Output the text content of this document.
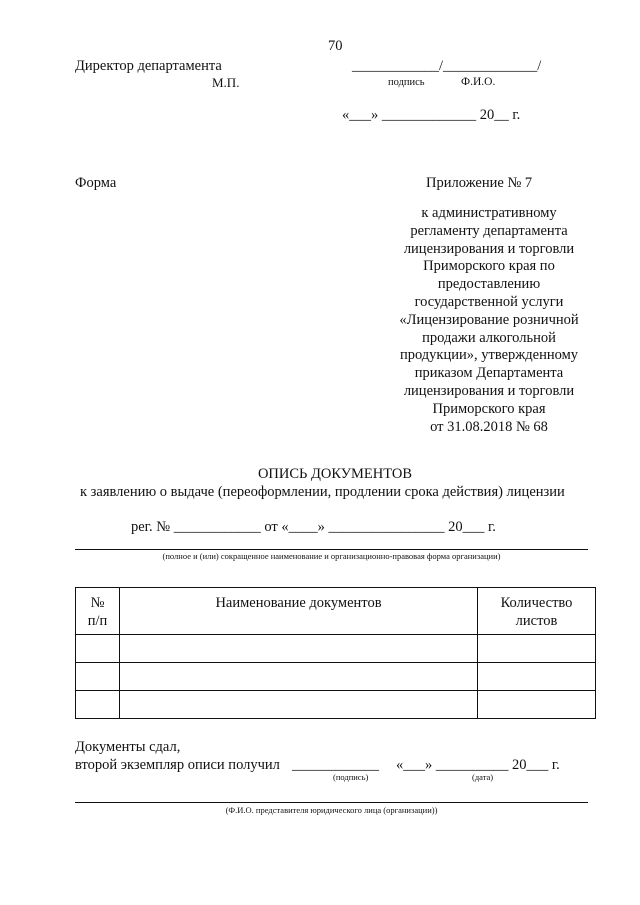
70
Директор департамента
М.П.
____________/_____________/
подпись	Ф.И.О.
«___» _____________ 20__ г.
Форма	Приложение № 7
к административному
регламенту департамента
лицензирования и торговли
Приморского края по
предоставлению
государственной услуги
«Лицензирование розничной
продажи алкогольной
продукции», утвержденному
приказом Департамента
лицензирования и торговли
Приморского края
от 31.08.2018 № 68
ОПИСЬ ДОКУМЕНТОВ
к заявлению о выдаче (переоформлении, продлении срока действия) лицензии
рег. № ____________ от «____» ________________ 20___ г.
(полное и (или) сокращенное наименование и организационно-правовая форма организации)
№ п/п	Наименование документов	Количество листов

Документы сдал,
второй экземпляр описи получил ____________ «___» __________ 20___ г.
(подпись)	(дата)
(Ф.И.О. представителя юридического лица (организации))
